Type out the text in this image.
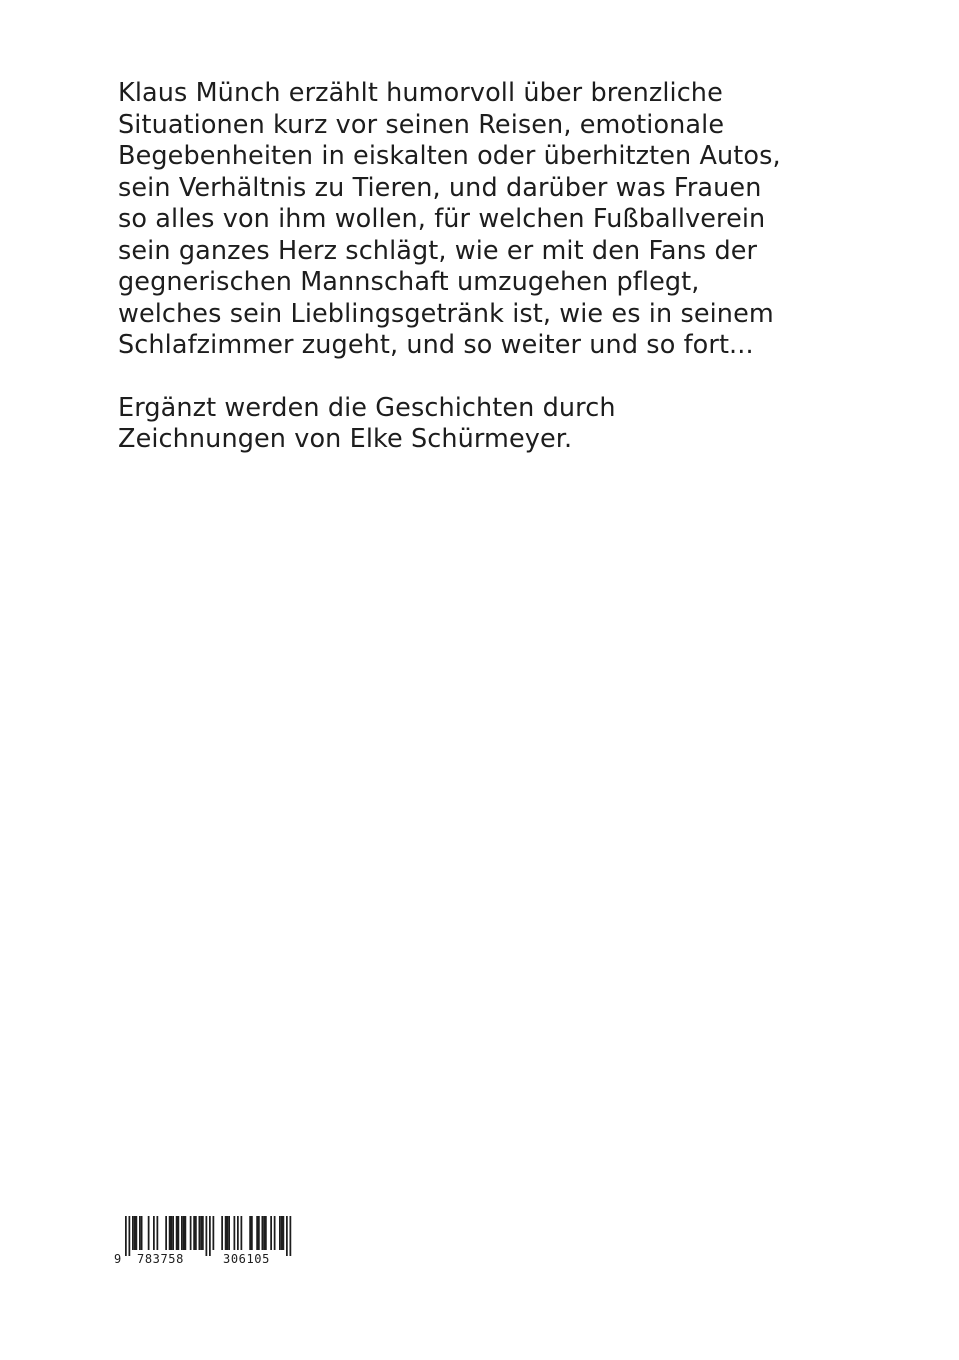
Klaus Münch erzählt humorvoll über brenzliche
Situationen kurz vor seinen Reisen, emotionale
Begebenheiten in eiskalten oder überhitzten Autos,
sein Verhältnis zu Tieren, und darüber was Frauen
so alles von ihm wollen, für welchen Fußballverein
sein ganzes Herz schlägt, wie er mit den Fans der
gegnerischen Mannschaft umzugehen pflegt,
welches sein Lieblingsgetränk ist, wie es in seinem
Schlafzimmer zugeht, und so weiter und so fort...
Ergänzt werden die Geschichten durch
Zeichnungen von Elke Schürmeyer.
9 783758	306105
